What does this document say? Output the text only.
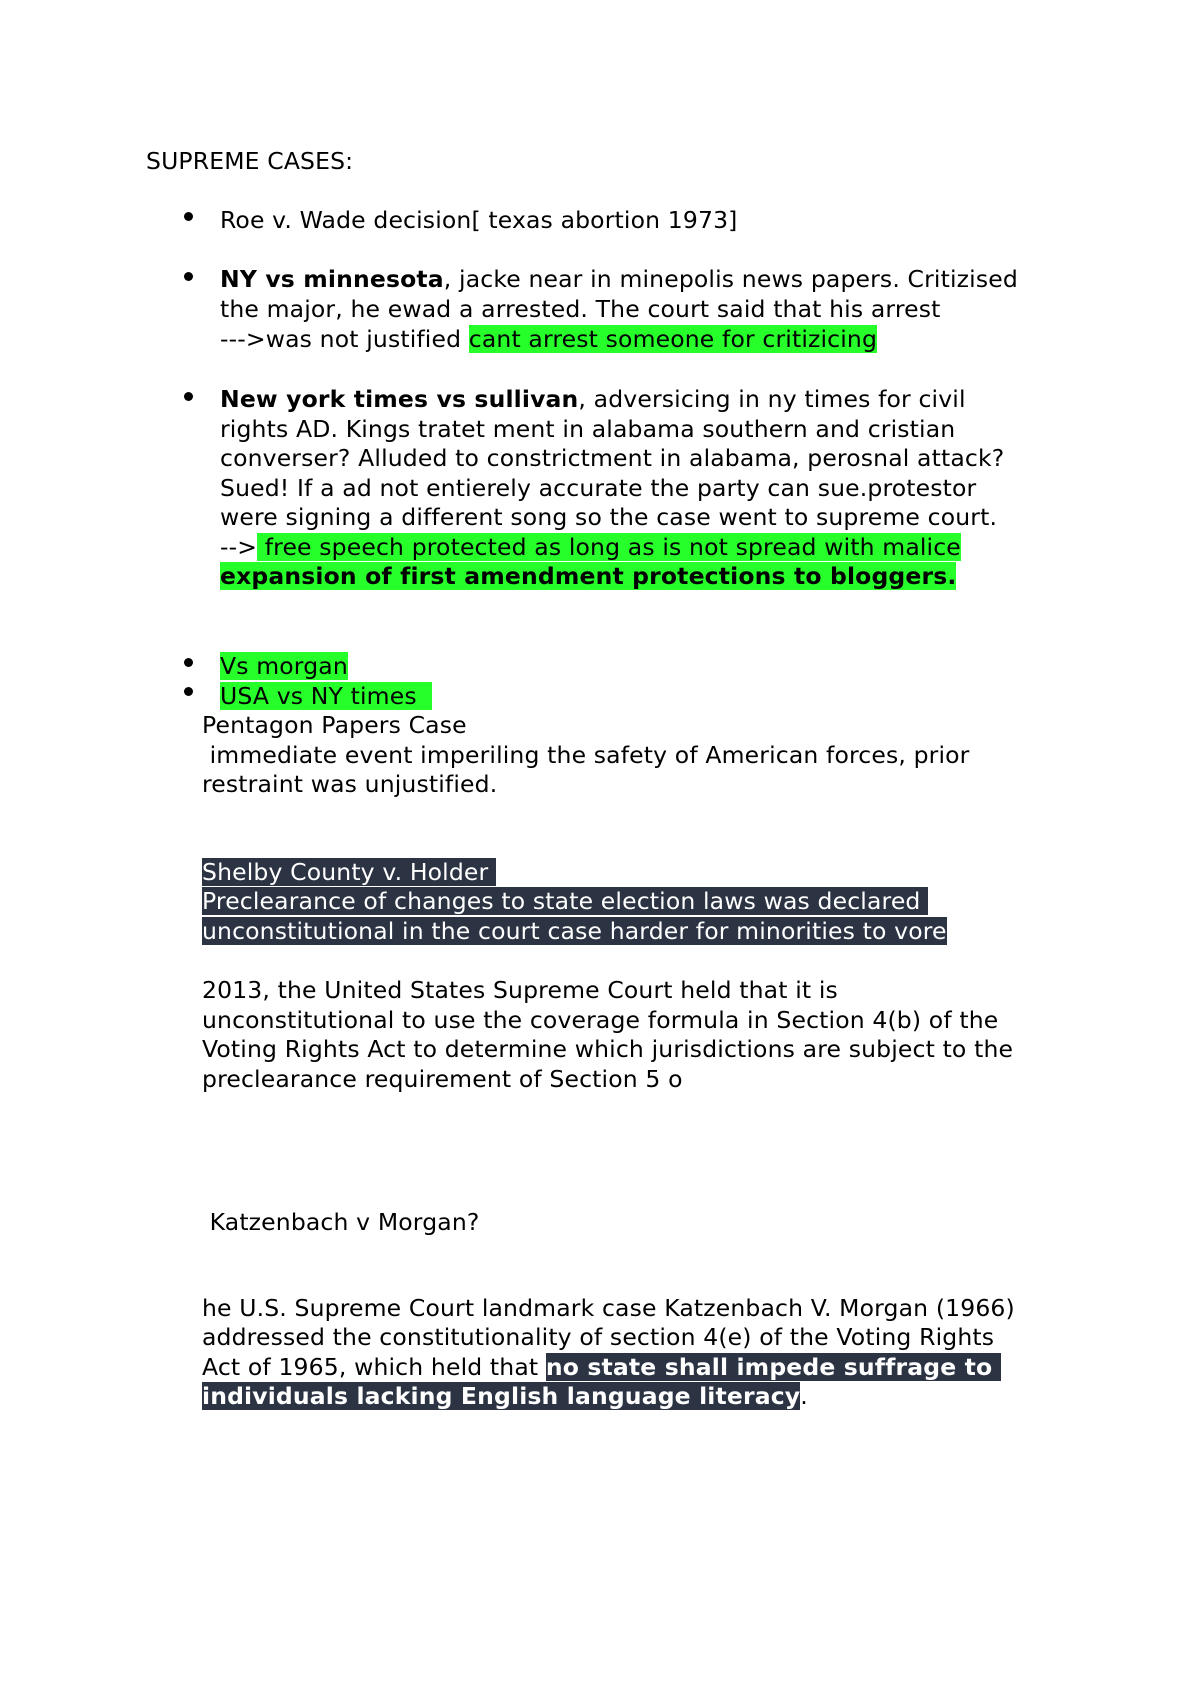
SUPREME CASES:
Roe v. Wade decision[ texas abortion 1973]
NY vs minnesota, jacke near in minepolis news papers. Critizised
the major, he ewad a arrested. The court said that his arrest
--->was not justified cant arrest someone for critizicing
New york times vs sullivan, adversicing in ny times for civil
rights AD. Kings tratet ment in alabama southern and cristian
converser? Alluded to constrictment in alabama, perosnal attack?
Sued! If a ad not entierely accurate the party can sue.protestor
were signing a different song so the case went to supreme court.
--> free speech protected as long as is not spread with malice
expansion of first amendment protections to bloggers.
Vs morgan
USA vs NY times
Pentagon Papers Case
immediate event imperiling the safety of American forces, prior
restraint was unjustified.
Shelby County v. Holder
Preclearance of changes to state election laws was declared
unconstitutional in the court case harder for minorities to vore
2013, the United States Supreme Court held that it is
unconstitutional to use the coverage formula in Section 4(b) of the
Voting Rights Act to determine which jurisdictions are subject to the
preclearance requirement of Section 5 o
Katzenbach v Morgan?
he U.S. Supreme Court landmark case Katzenbach V. Morgan (1966)
addressed the constitutionality of section 4(e) of the Voting Rights
Act of 1965, which held that no state shall impede suffrage to
individuals lacking English language literacy.
